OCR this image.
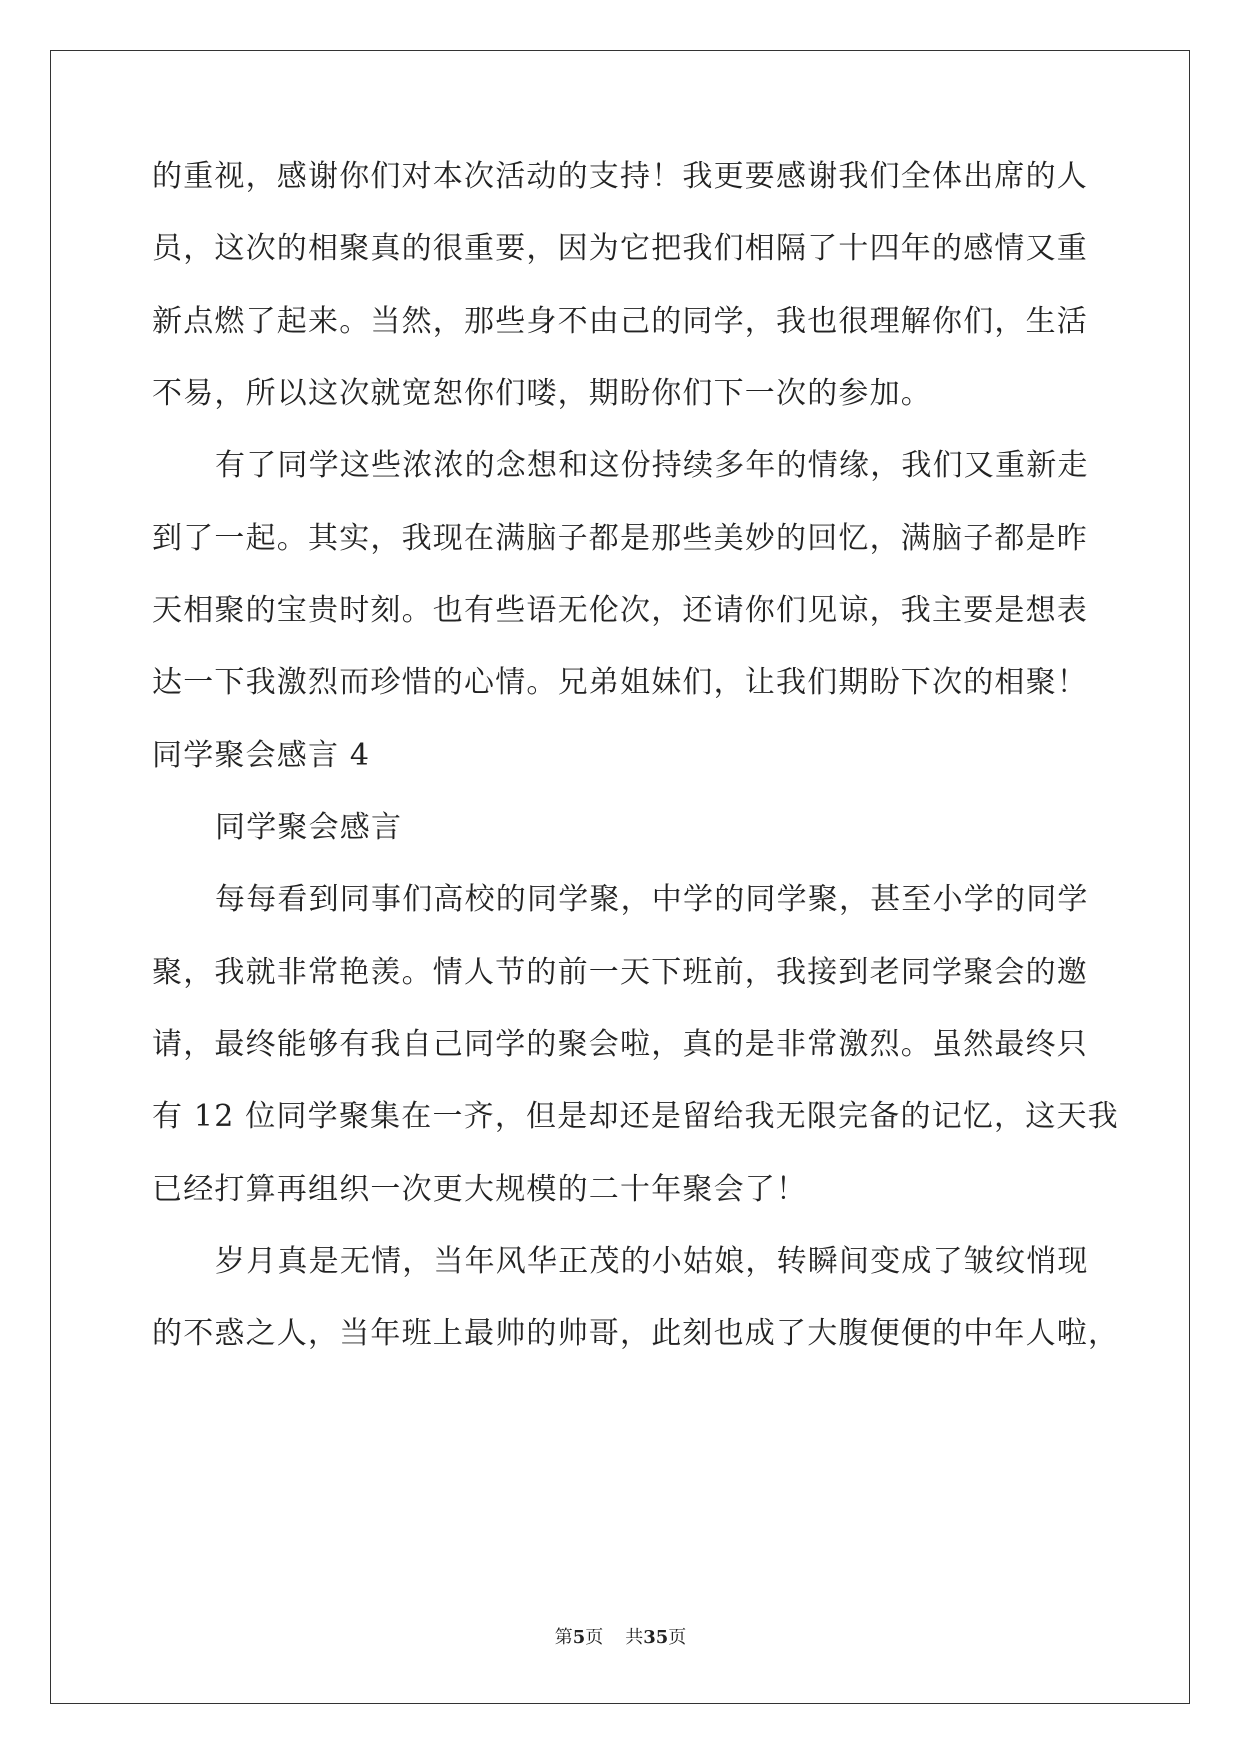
的重视，感谢你们对本次活动的支持！我更要感谢我们全体出席的人
员，这次的相聚真的很重要，因为它把我们相隔了十四年的感情又重
新点燃了起来。当然，那些身不由己的同学，我也很理解你们，生活
不易，所以这次就宽恕你们喽，期盼你们下一次的参加。
有了同学这些浓浓的念想和这份持续多年的情缘，我们又重新走
到了一起。其实，我现在满脑子都是那些美妙的回忆，满脑子都是昨
天相聚的宝贵时刻。也有些语无伦次，还请你们见谅，我主要是想表
达一下我激烈而珍惜的心情。兄弟姐妹们，让我们期盼下次的相聚！
同学聚会感言 4
同学聚会感言
每每看到同事们高校的同学聚，中学的同学聚，甚至小学的同学
聚，我就非常艳羡。情人节的前一天下班前，我接到老同学聚会的邀
请，最终能够有我自己同学的聚会啦，真的是非常激烈。虽然最终只
有 12 位同学聚集在一齐，但是却还是留给我无限完备的记忆，这天我
已经打算再组织一次更大规模的二十年聚会了！
岁月真是无情，当年风华正茂的小姑娘，转瞬间变成了皱纹悄现
的不惑之人，当年班上最帅的帅哥，此刻也成了大腹便便的中年人啦，
第5页 共35页
